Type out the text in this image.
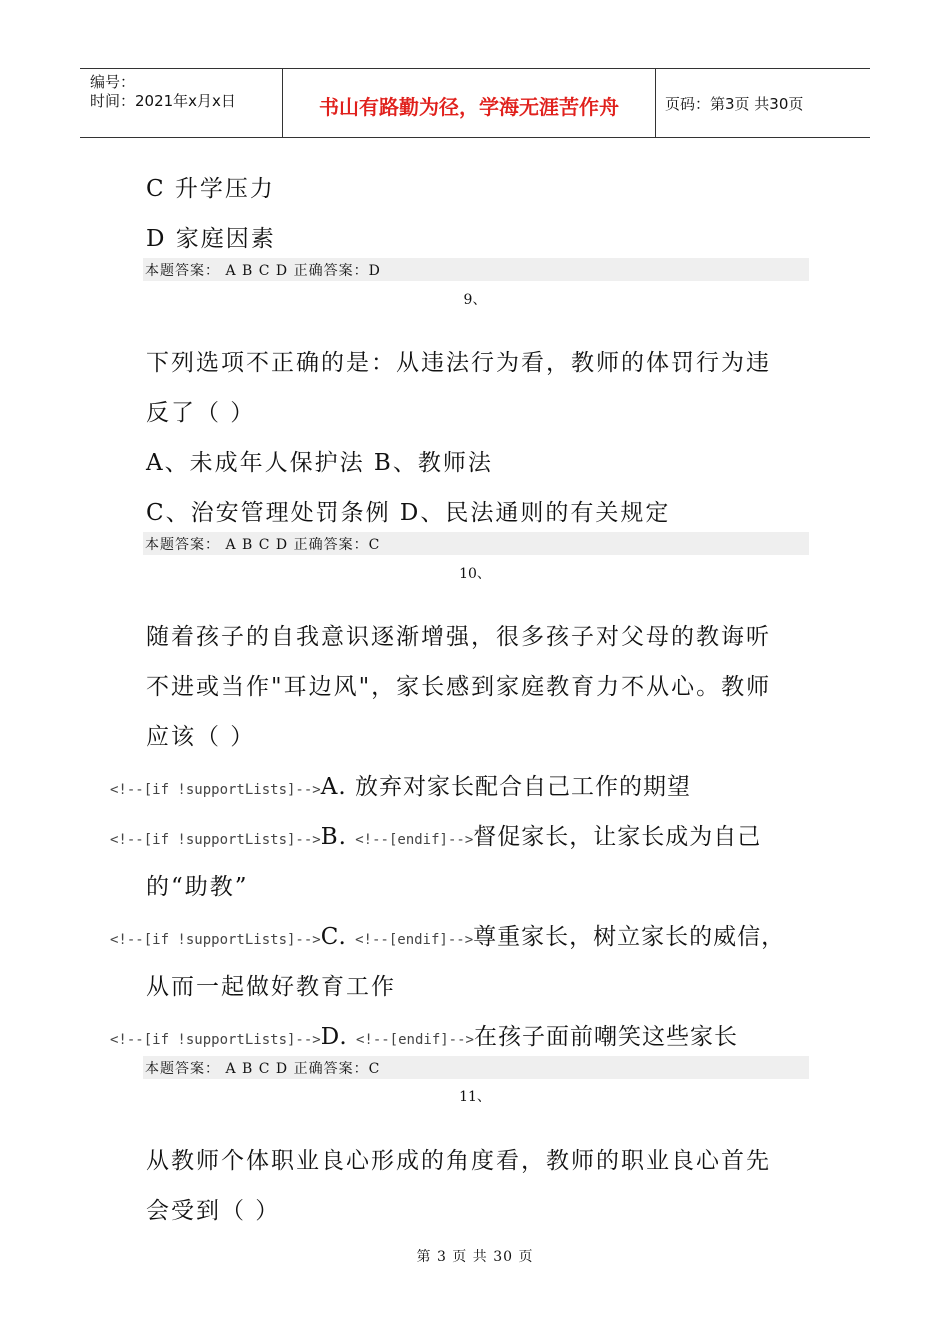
编号：
时间：2021年x月x日	书山有路勤为径，学海无涯苦作舟	页码：第3页 共30页
C 升学压力
D 家庭因素
本题答案： A B C D 正确答案：D
9、
下列选项不正确的是：从违法行为看，教师的体罚行为违
反了（ ）
A、未成年人保护法 B、教师法
C、治安管理处罚条例 D、民法通则的有关规定
本题答案： A B C D 正确答案：C
10、
随着孩子的自我意识逐渐增强，很多孩子对父母的教诲听
不进或当作"耳边风"，家长感到家庭教育力不从心。教师
应该（ ）
<!--[if !supportLists]-->A. 放弃对家长配合自己工作的期望
<!--[if !supportLists]-->B. <!--[endif]-->督促家长，让家长成为自己
的“助教”
<!--[if !supportLists]-->C. <!--[endif]-->尊重家长，树立家长的威信，
从而一起做好教育工作
<!--[if !supportLists]-->D. <!--[endif]-->在孩子面前嘲笑这些家长
本题答案： A B C D 正确答案：C
11、
从教师个体职业良心形成的角度看，教师的职业良心首先
会受到（ ）
第 3 页 共 30 页
